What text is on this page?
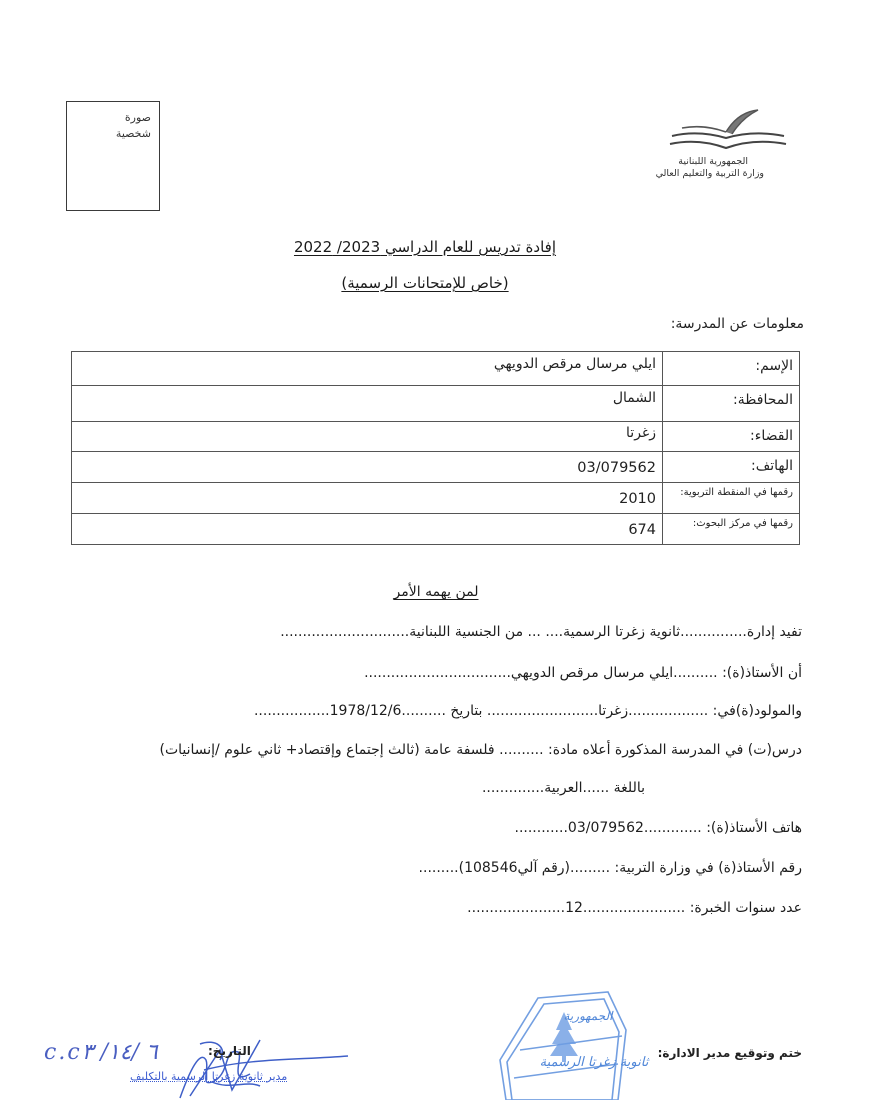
صورة
شخصية
الجمهورية اللبنانية
وزارة التربية والتعليم العالي
إفادة تدريس للعام الدراسي 2023/ 2022
(خاص للإمتحانات الرسمية)
معلومات عن المدرسة:
الإسم:	ايلي مرسال مرقص الدويهي
المحافظة:	الشمال
القضاء:	زغرتا
الهاتف:	03/079562
رقمها في المنقطة التربوية:	2010
رقمها في مركز البحوث:	674
لمن يهمه الأمر
تفيد إدارة...............ثانوية زغرتا الرسمية.... ... من الجنسية اللبنانية.............................
أن الأستاذ(ة): ..........ايلي مرسال مرقص الدويهي.................................
والمولود(ة)في: ..................زغرتا......................... بتاريخ ..........1978/12/6.................
درس(ت) في المدرسة المذكورة أعلاه مادة: .......... فلسفة عامة (ثالث إجتماع وإقتصاد+ ثاني علوم /إنسانيات)
باللغة ......العربية..............
هاتف الأستاذ(ة): .............03/079562............
رقم الأستاذ(ة) في وزارة التربية: .........(رقم آلي108546).........
عدد سنوات الخبرة: .......................12......................
الجمهورية
ثانوية زغرتا الرسمية
ختم وتوقيع مدير الادارة:
c.c۳ /٦ /١٤	التاريخ:
مدير ثانوية زغرتا الرسمية بالتكليف
